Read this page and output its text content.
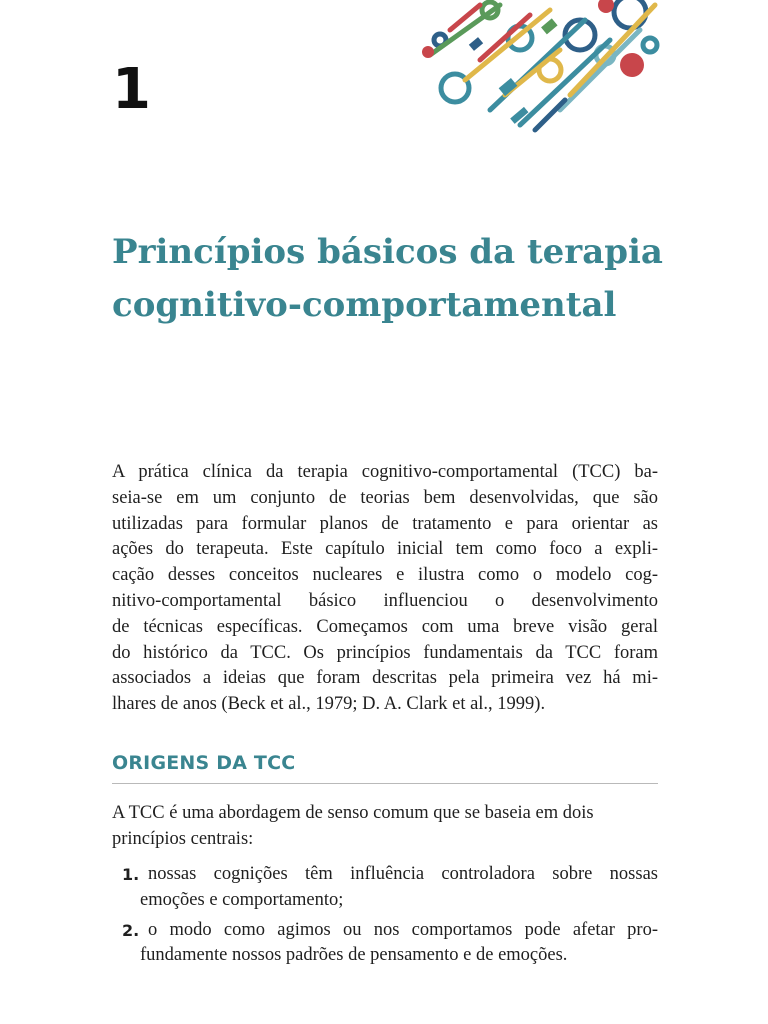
1
Princípios básicos da terapia
cognitivo-comportamental

A prática clínica da terapia cognitivo-comportamental (TCC) ba-
seia-se em um conjunto de teorias bem desenvolvidas, que são
utilizadas para formular planos de tratamento e para orientar as
ações do terapeuta. Este capítulo inicial tem como foco a expli-
cação desses conceitos nucleares e ilustra como o modelo cog-
nitivo-comportamental básico influenciou o desenvolvimento
de técnicas específicas. Começamos com uma breve visão geral
do histórico da TCC. Os princípios fundamentais da TCC foram
associados a ideias que foram descritas pela primeira vez há mi-
lhares de anos (Beck et al., 1979; D. A. Clark et al., 1999).

ORIGENS DA TCC

A TCC é uma abordagem de senso comum que se baseia em dois
princípios centrais:

1. nossas cognições têm influência controladora sobre nossas
emoções e comportamento;
2. o modo como agimos ou nos comportamos pode afetar pro-
fundamente nossos padrões de pensamento e de emoções.
